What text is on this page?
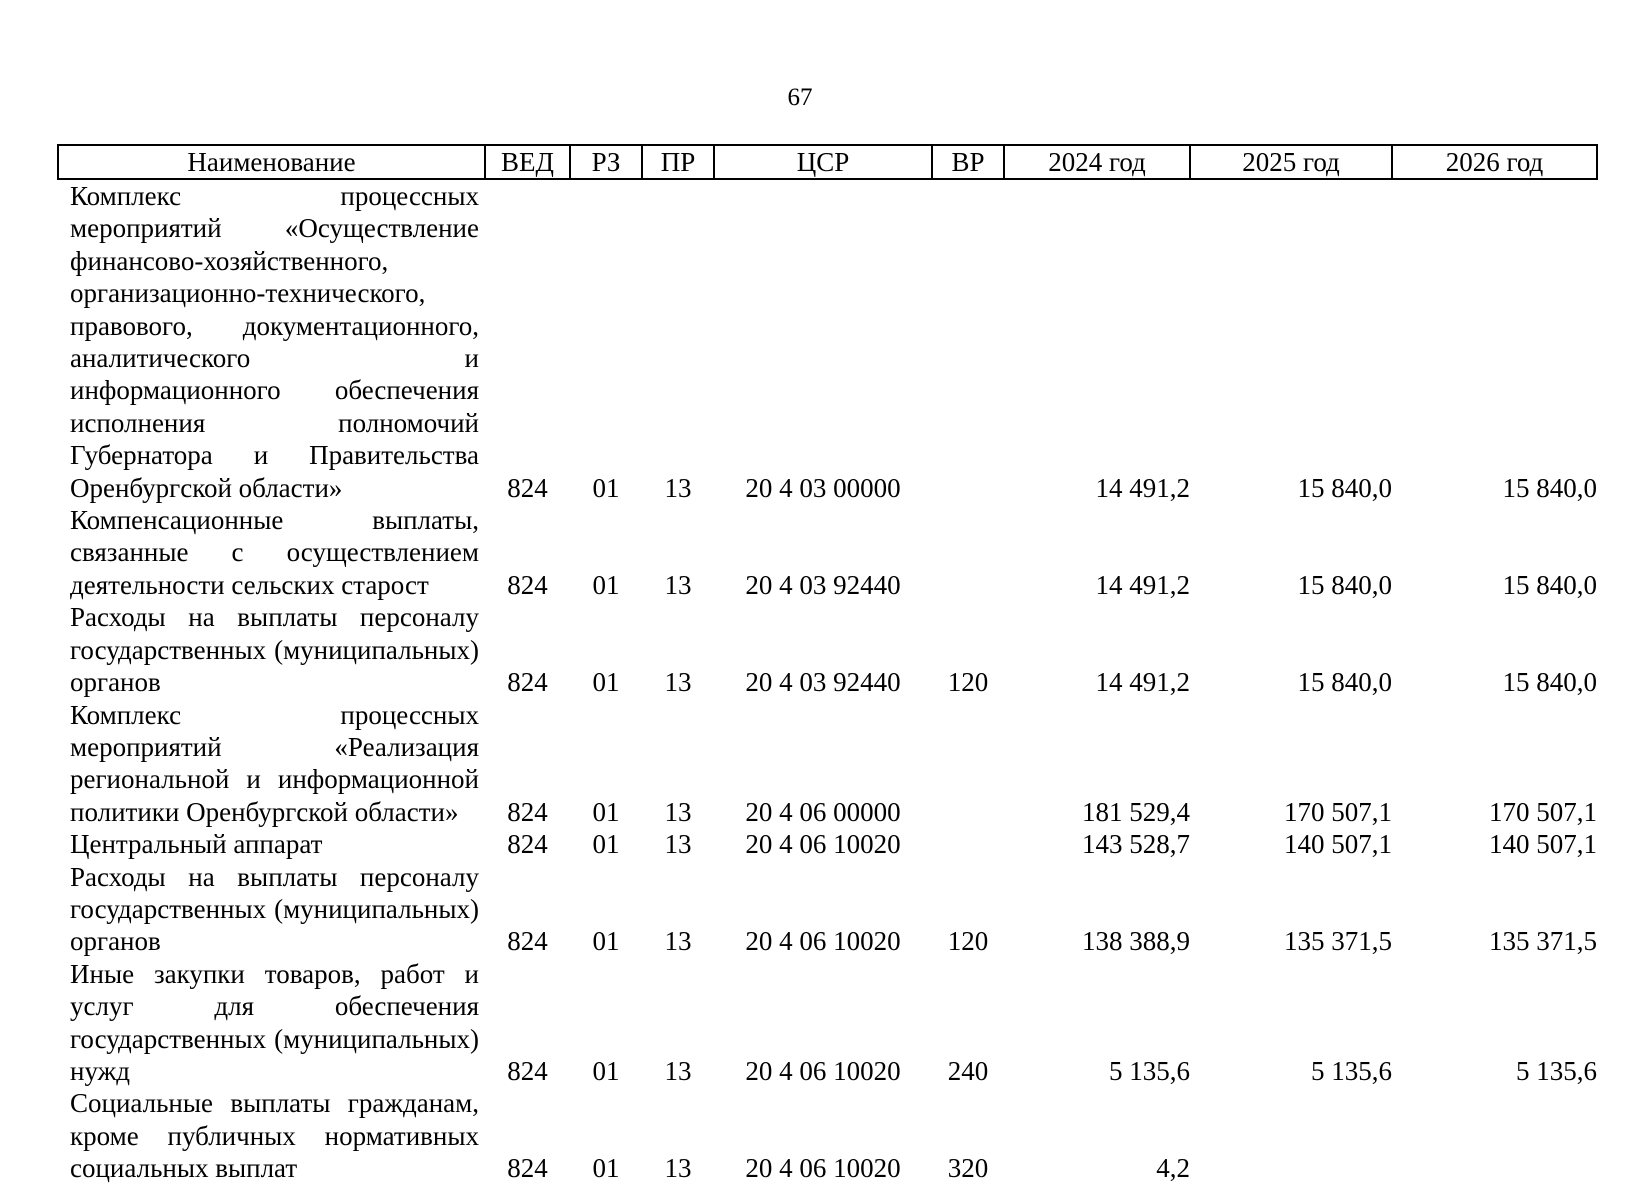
67
Наименование	ВЕД	РЗ	ПР	ЦСР	ВР	2024 год	2025 год	2026 год
Комплекс процессных мероприятий «Осуществление финансово-хозяйственного, организационно-технического, правового, документационного, аналитического и информационного обеспечения исполнения полномочий Губернатора и Правительства Оренбургской области»	824	01	13	20 4 03 00000		14 491,2	15 840,0	15 840,0
Компенсационные выплаты, связанные с осуществлением деятельности сельских старост	824	01	13	20 4 03 92440		14 491,2	15 840,0	15 840,0
Расходы на выплаты персоналу государственных (муниципальных) органов	824	01	13	20 4 03 92440	120	14 491,2	15 840,0	15 840,0
Комплекс процессных мероприятий «Реализация региональной и информационной политики Оренбургской области»	824	01	13	20 4 06 00000		181 529,4	170 507,1	170 507,1
Центральный аппарат	824	01	13	20 4 06 10020		143 528,7	140 507,1	140 507,1
Расходы на выплаты персоналу государственных (муниципальных) органов	824	01	13	20 4 06 10020	120	138 388,9	135 371,5	135 371,5
Иные закупки товаров, работ и услуг для обеспечения государственных (муниципальных) нужд	824	01	13	20 4 06 10020	240	5 135,6	5 135,6	5 135,6
Социальные выплаты гражданам, кроме публичных нормативных социальных выплат	824	01	13	20 4 06 10020	320	4,2		
